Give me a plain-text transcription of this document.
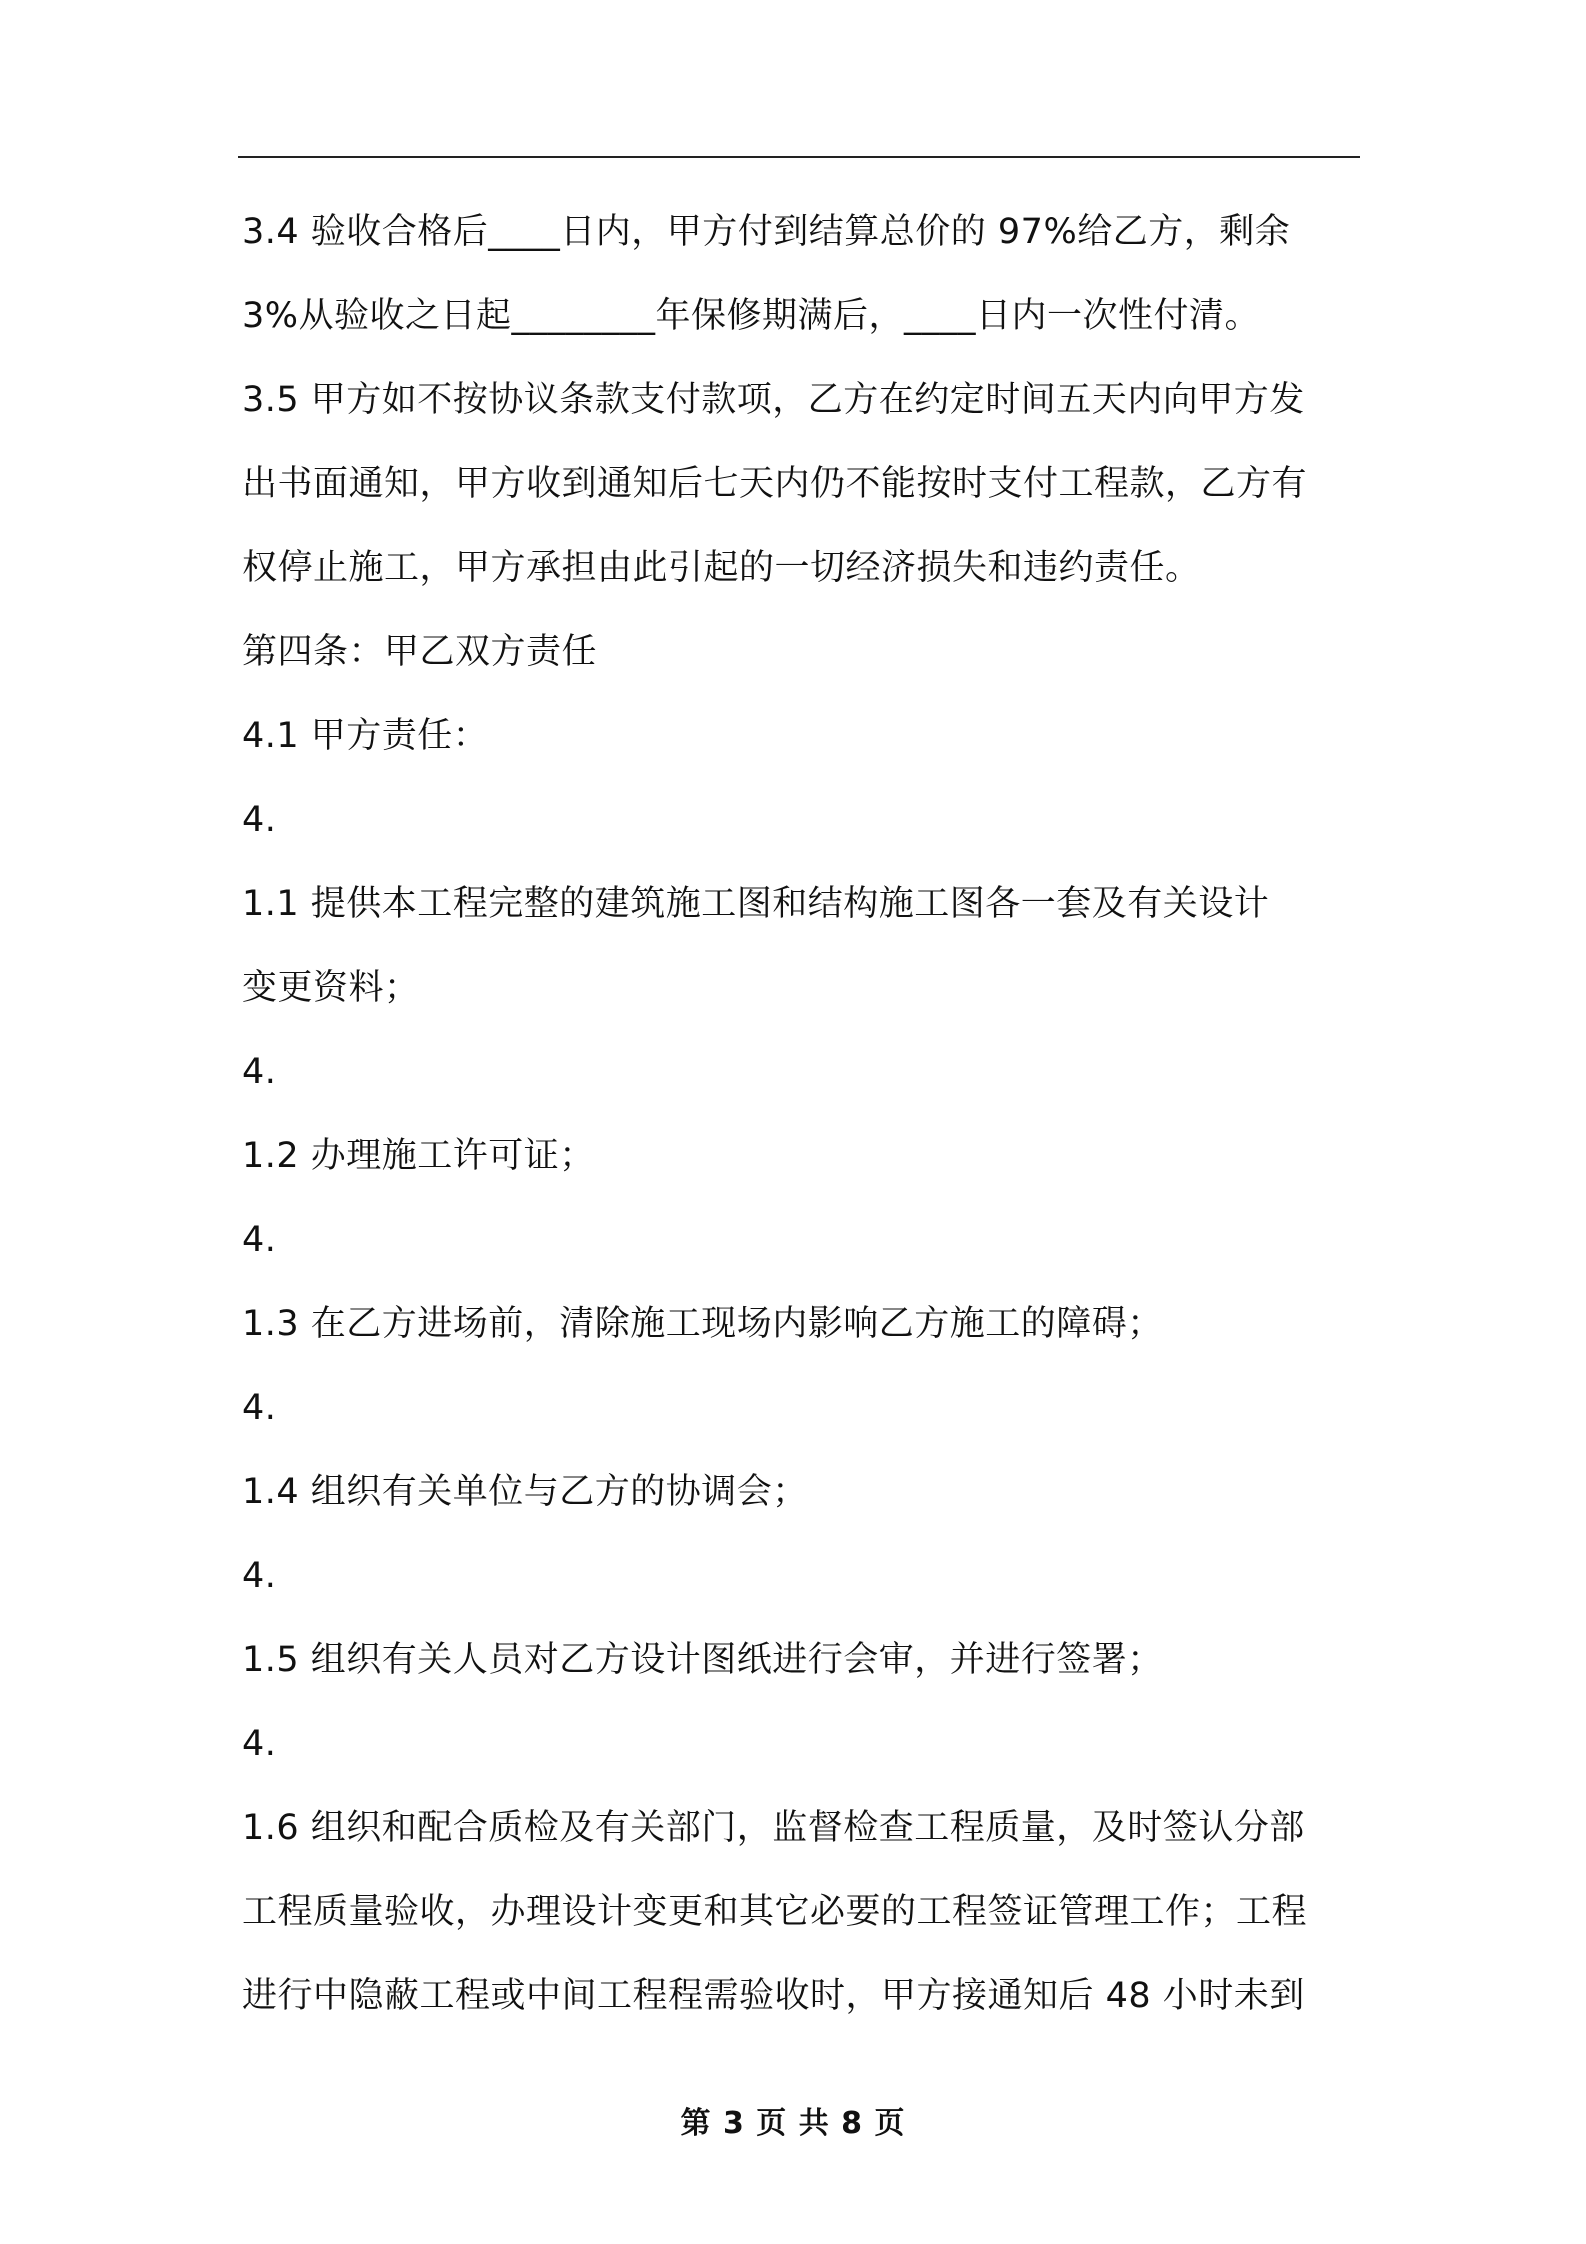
3.4 验收合格后____日内，甲方付到结算总价的 97%给乙方，剩余
3%从验收之日起________年保修期满后，____日内一次性付清。
3.5 甲方如不按协议条款支付款项，乙方在约定时间五天内向甲方发
出书面通知，甲方收到通知后七天内仍不能按时支付工程款，乙方有
权停止施工，甲方承担由此引起的一切经济损失和违约责任。
第四条：甲乙双方责任
4.1 甲方责任：
4.
1.1 提供本工程完整的建筑施工图和结构施工图各一套及有关设计
变更资料；
4.
1.2 办理施工许可证；
4.
1.3 在乙方进场前，清除施工现场内影响乙方施工的障碍；
4.
1.4 组织有关单位与乙方的协调会；
4.
1.5 组织有关人员对乙方设计图纸进行会审，并进行签署；
4.
1.6 组织和配合质检及有关部门，监督检查工程质量，及时签认分部
工程质量验收，办理设计变更和其它必要的工程签证管理工作；工程
进行中隐蔽工程或中间工程程需验收时，甲方接通知后 48 小时未到
第 3 页 共 8 页
